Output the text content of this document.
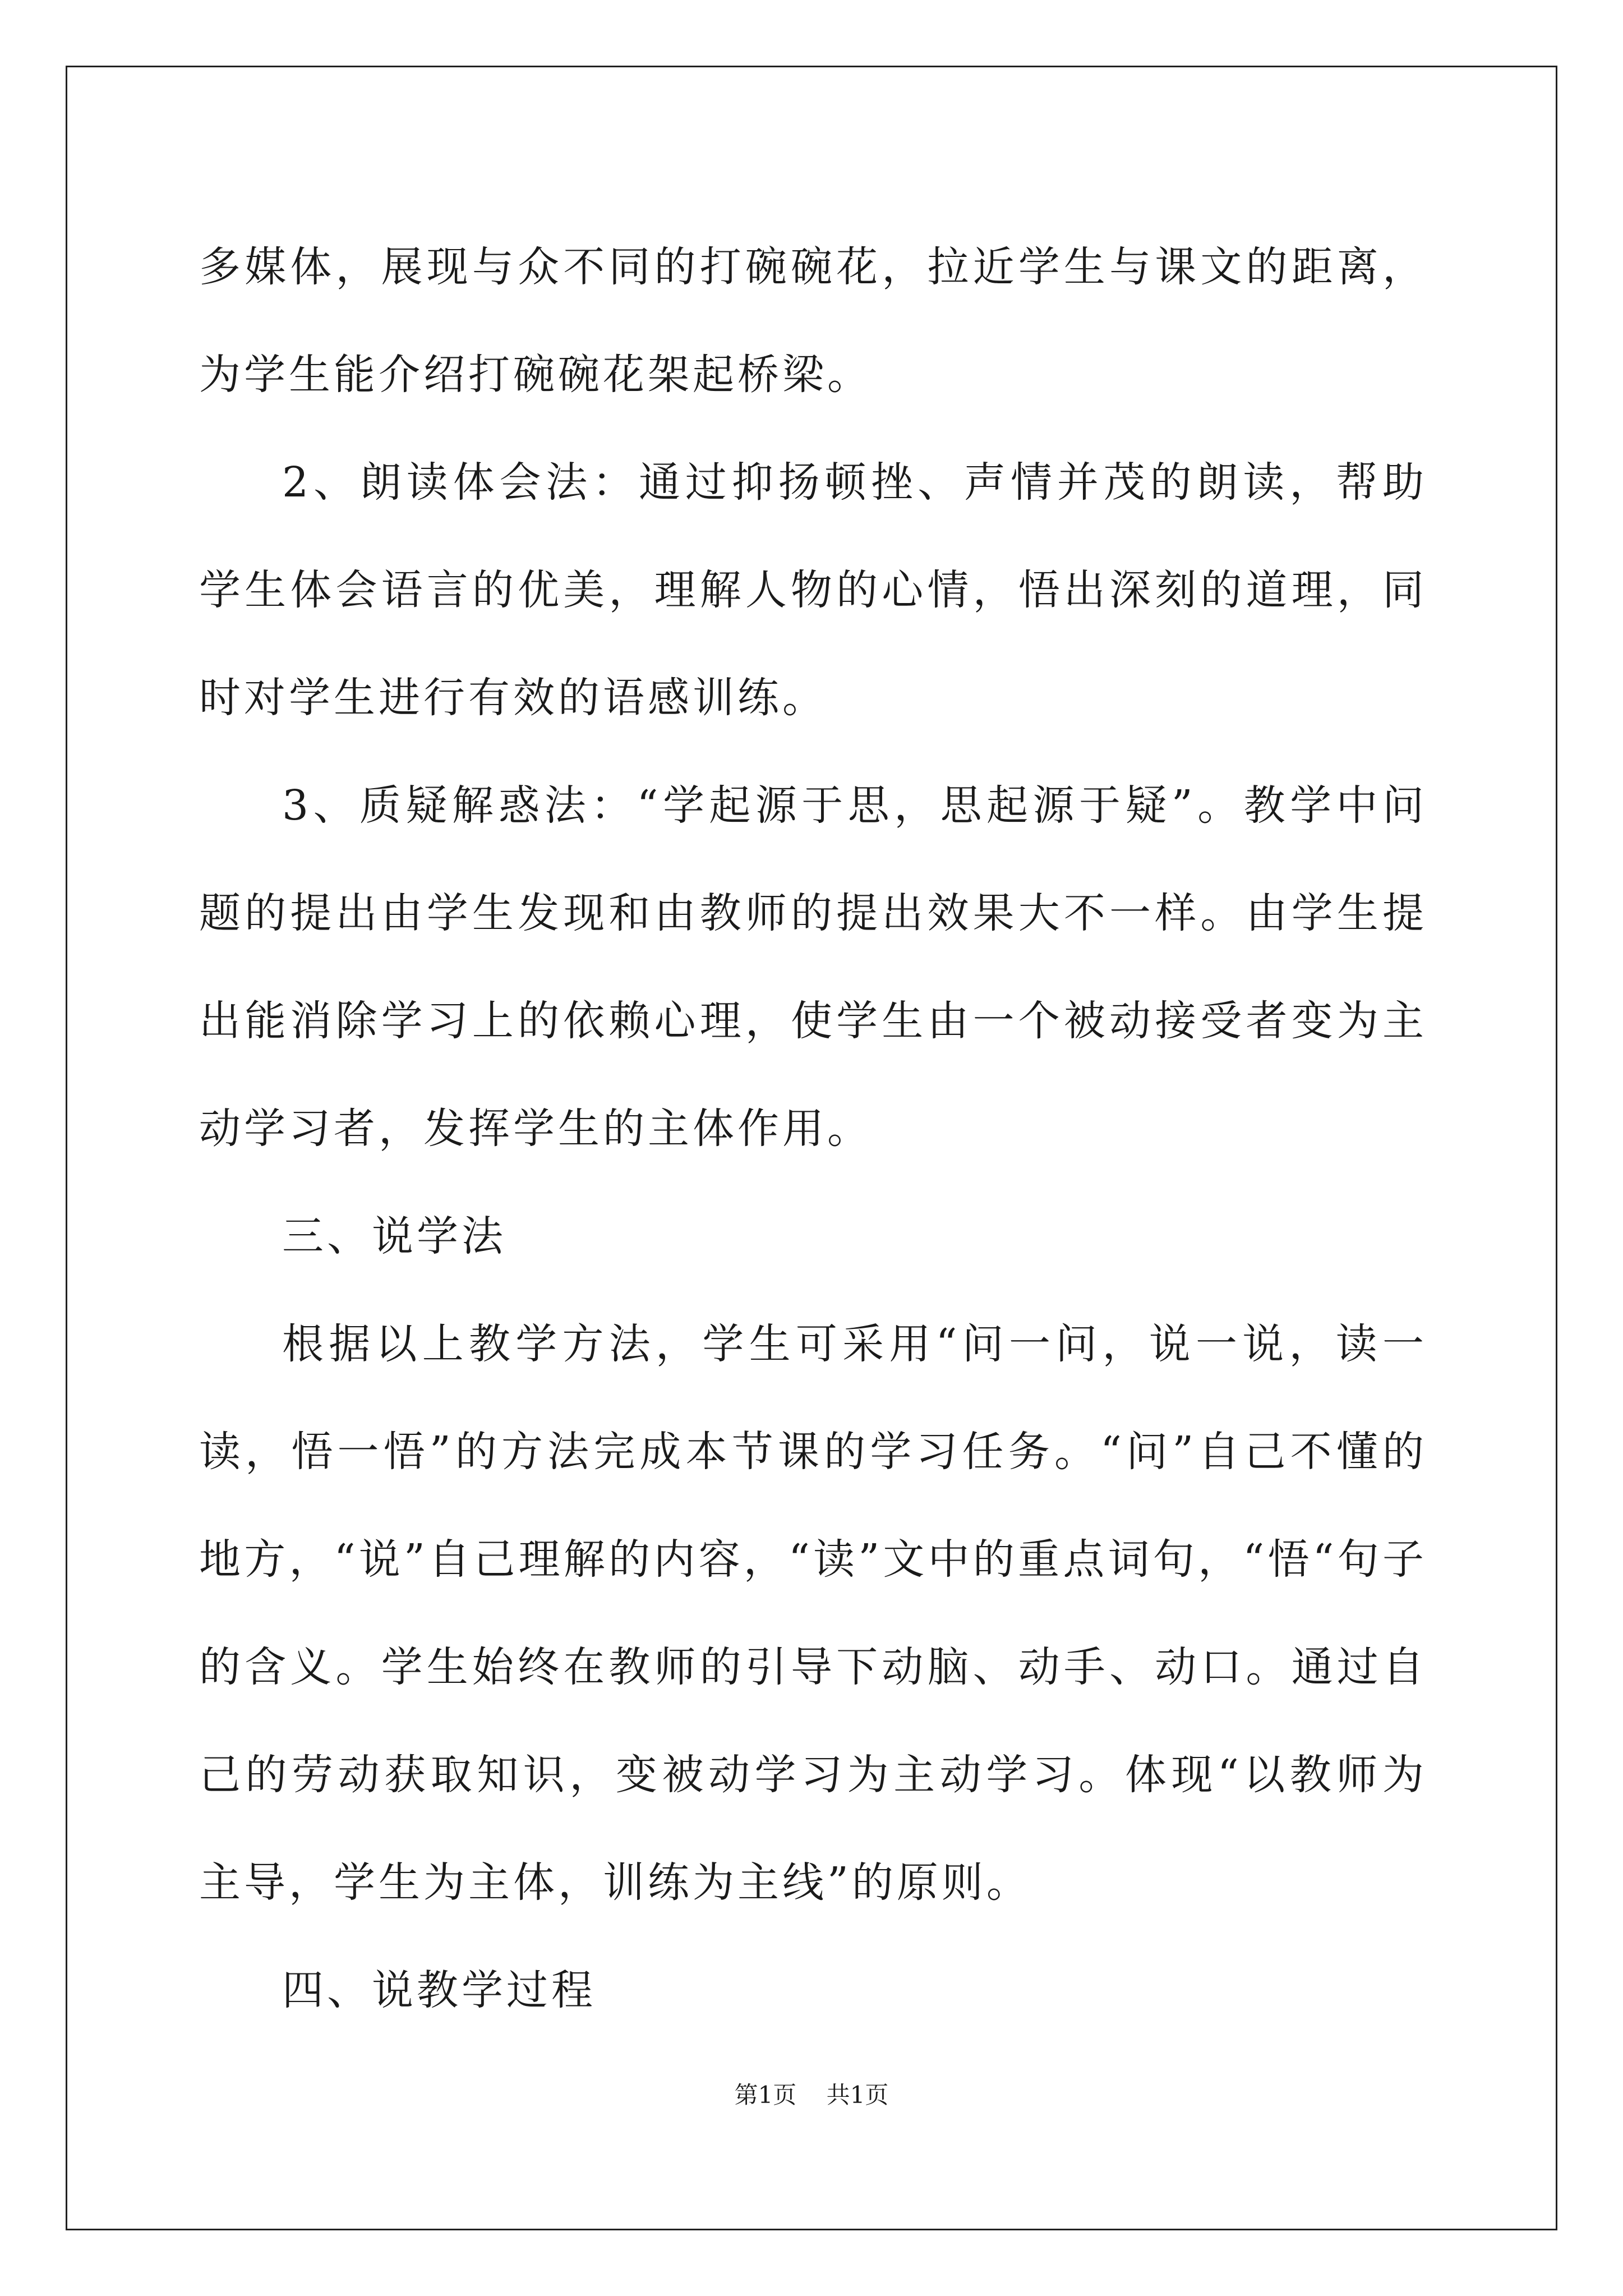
多媒体，展现与众不同的打碗碗花，拉近学生与课文的距离，为学生能介绍打碗碗花架起桥梁。

2、朗读体会法：通过抑扬顿挫、声情并茂的朗读，帮助学生体会语言的优美，理解人物的心情，悟出深刻的道理，同时对学生进行有效的语感训练。

3、质疑解惑法：“学起源于思，思起源于疑”。教学中问题的提出由学生发现和由教师的提出效果大不一样。由学生提出能消除学习上的依赖心理，使学生由一个被动接受者变为主动学习者，发挥学生的主体作用。

三、说学法

根据以上教学方法，学生可采用“问一问，说一说，读一读，悟一悟”的方法完成本节课的学习任务。“问”自己不懂的地方，“说”自己理解的内容，“读”文中的重点词句，“悟“句子的含义。学生始终在教师的引导下动脑、动手、动口。通过自己的劳动获取知识，变被动学习为主动学习。体现“以教师为主导，学生为主体，训练为主线”的原则。

四、说教学过程

第1页 共1页
